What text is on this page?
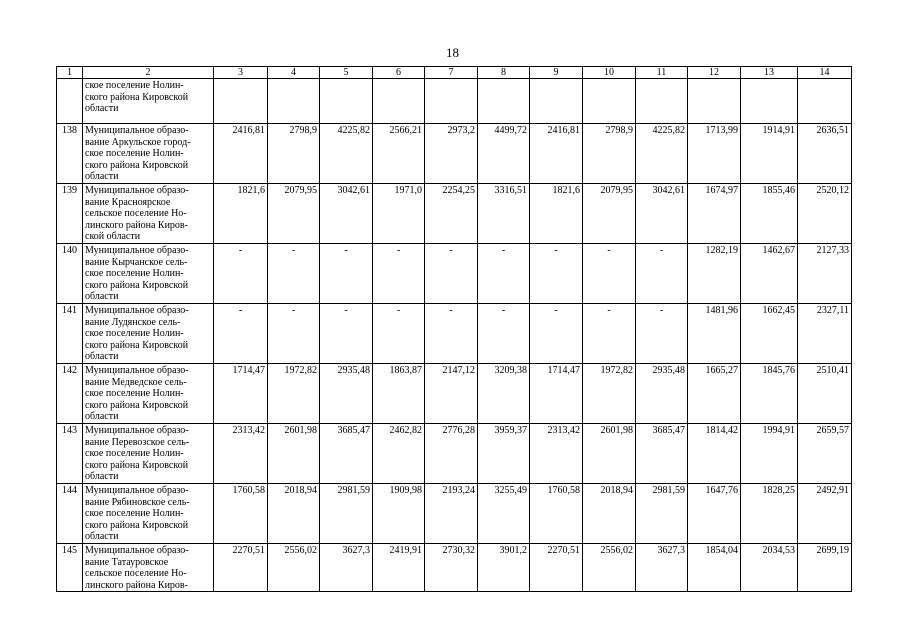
18
1	2	3	4	5	6	7	8	9	10	11	12	13	14

	ское поселение Нолин-
ского района Кировской
области												

138	Муниципальное образо-
вание Аркульское город-
ское поселение Нолин-
ского района Кировской
области	2416,81	2798,9	4225,82	2566,21	2973,2	4499,72	2416,81	2798,9	4225,82	1713,99	1914,91	2636,51
139	Муниципальное образо-
вание Красноярское
сельское поселение Но-
линского района Киров-
ской области	1821,6	2079,95	3042,61	1971,0	2254,25	3316,51	1821,6	2079,95	3042,61	1674,97	1855,46	2520,12
140	Муниципальное образо-
вание Кырчанское сель-
ское поселение Нолин-
ского района Кировской
области	-	-	-	-	-	-	-	-	-	1282,19	1462,67	2127,33
141	Муниципальное образо-
вание Лудянское сель-
ское поселение Нолин-
ского района Кировской
области	-	-	-	-	-	-	-	-	-	1481,96	1662,45	2327,11
142	Муниципальное образо-
вание Медведское сель-
ское поселение Нолин-
ского района Кировской
области	1714,47	1972,82	2935,48	1863,87	2147,12	3209,38	1714,47	1972,82	2935,48	1665,27	1845,76	2510,41
143	Муниципальное образо-
вание Перевозское сель-
ское поселение Нолин-
ского района Кировской
области	2313,42	2601,98	3685,47	2462,82	2776,28	3959,37	2313,42	2601,98	3685,47	1814,42	1994,91	2659,57
144	Муниципальное образо-
вание Рябиновское сель-
ское поселение Нолин-
ского района Кировской
области	1760,58	2018,94	2981,59	1909,98	2193,24	3255,49	1760,58	2018,94	2981,59	1647,76	1828,25	2492,91
145	Муниципальное образо-
вание Татауровское
сельское поселение Но-
линского района Киров-	2270,51	2556,02	3627,3	2419,91	2730,32	3901,2	2270,51	2556,02	3627,3	1854,04	2034,53	2699,19
